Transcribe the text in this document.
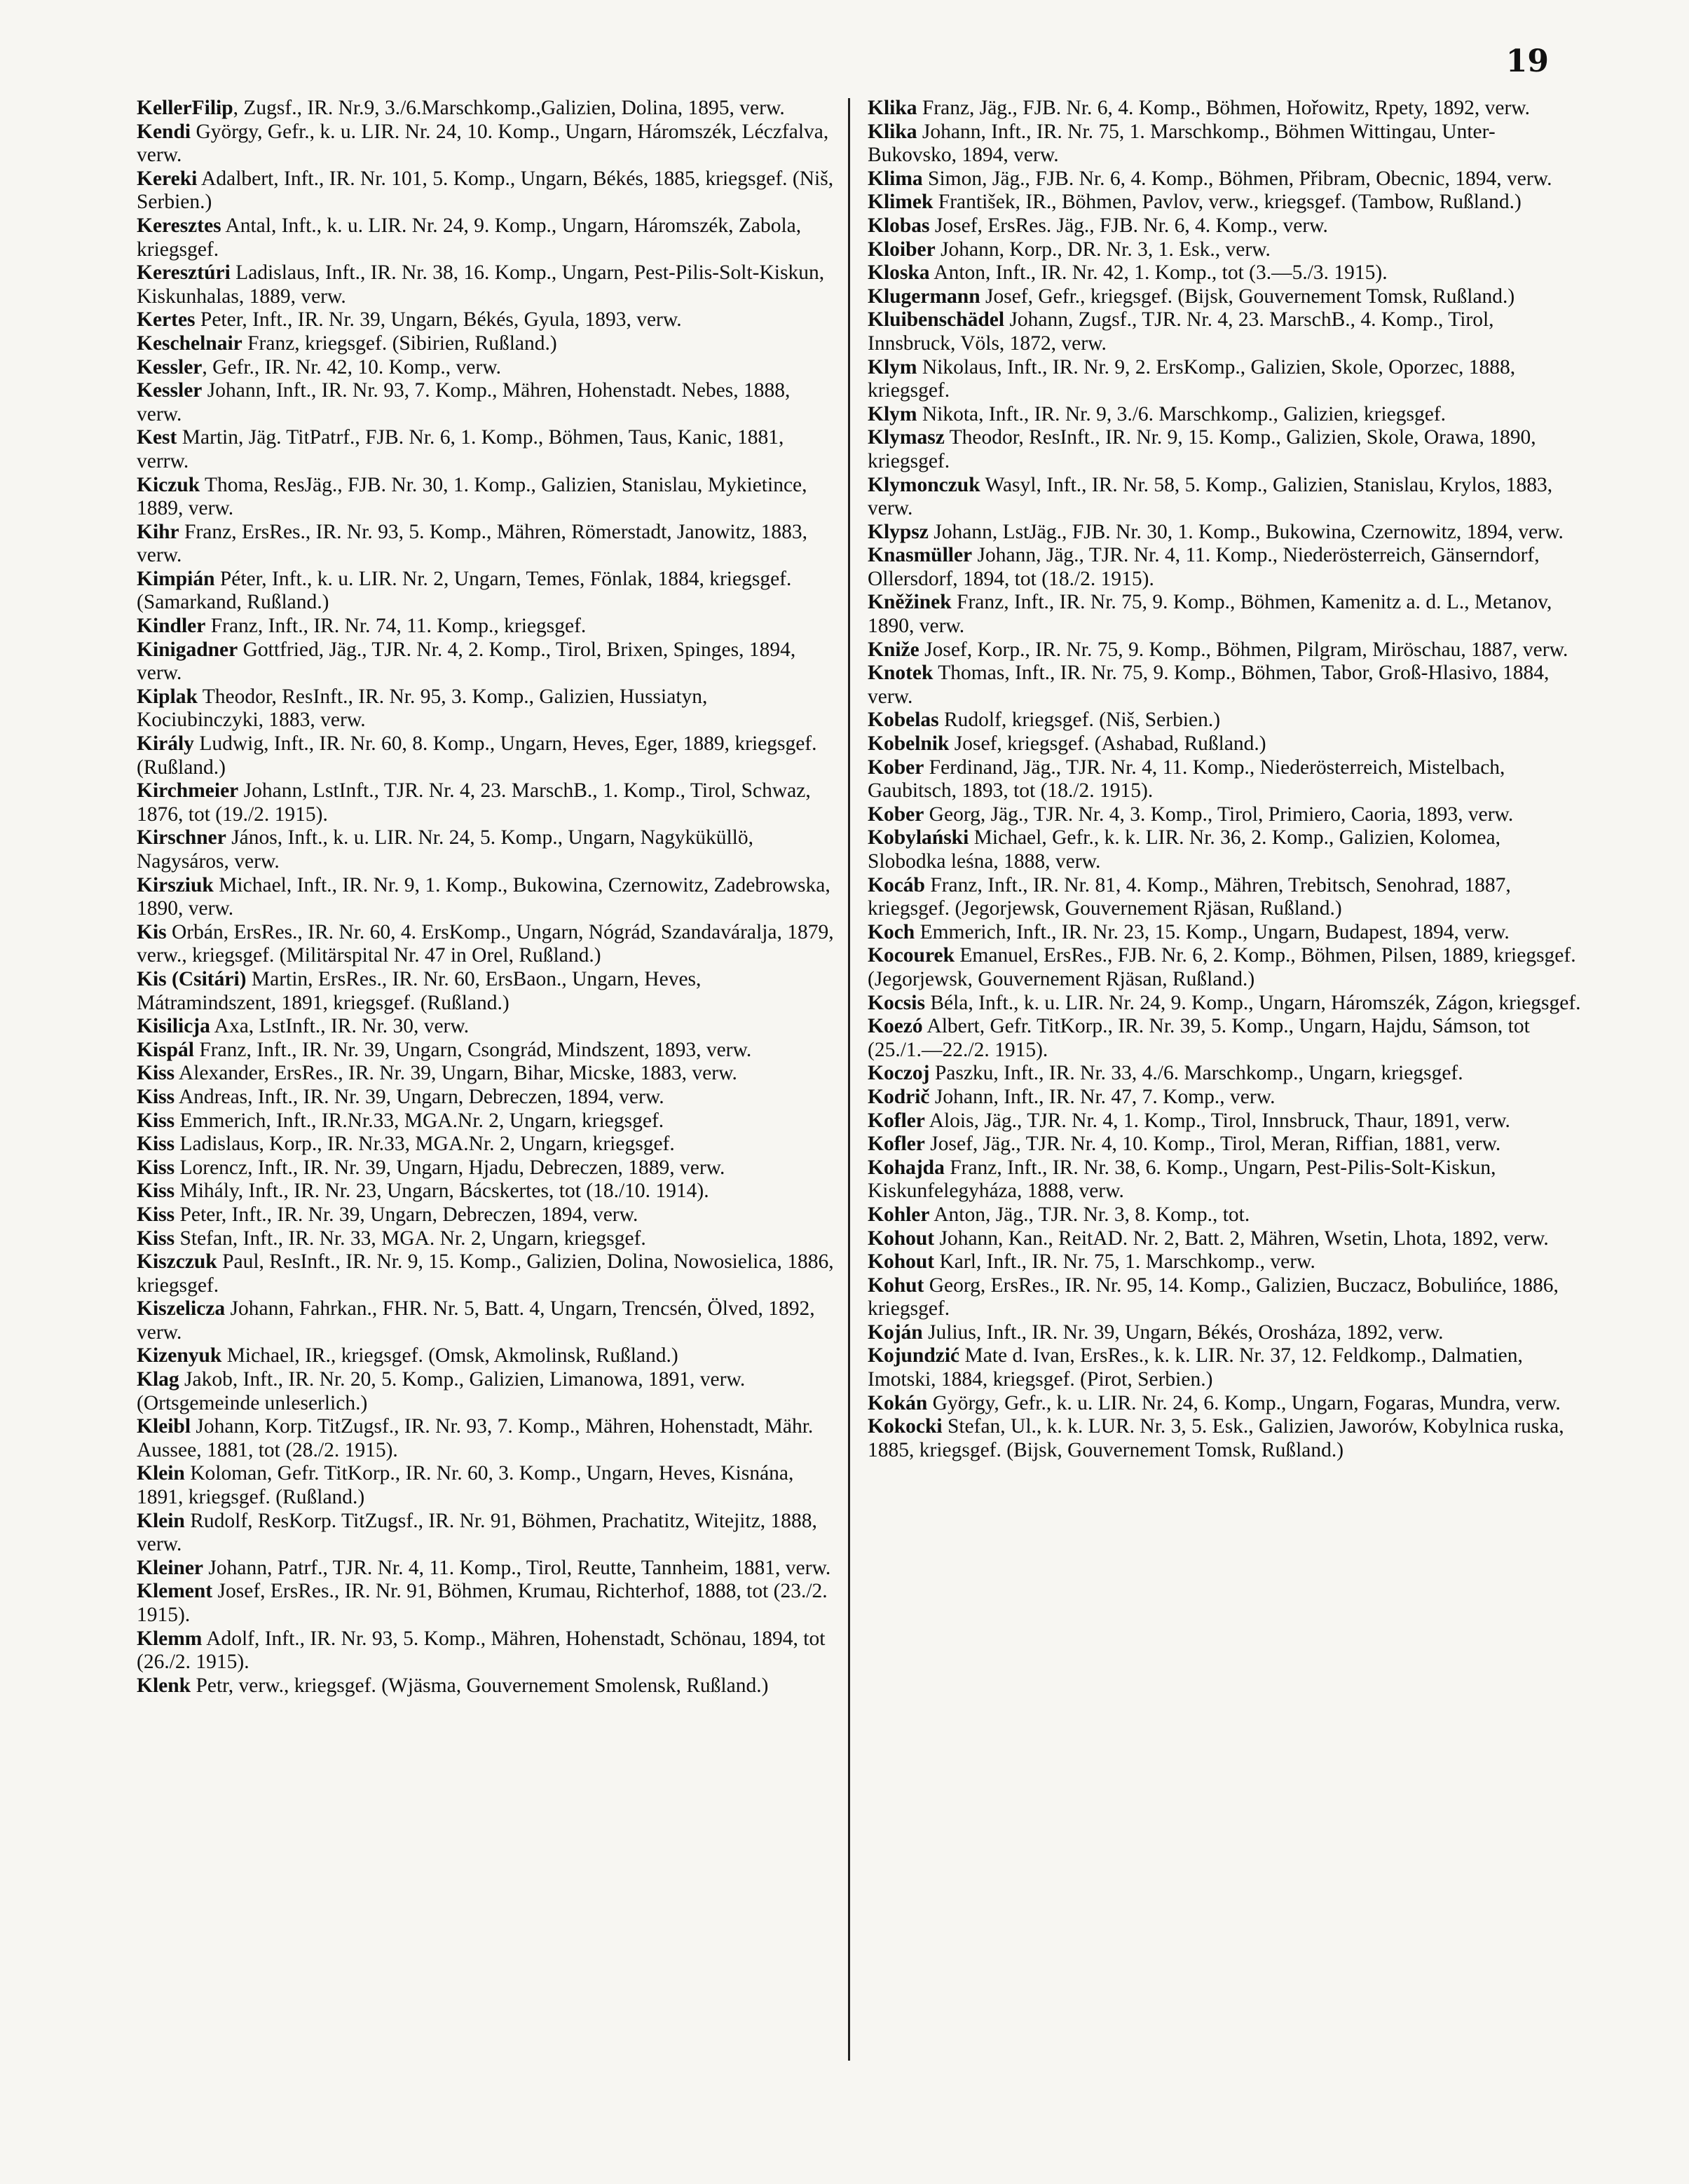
19

KellerFilip, Zugsf., IR. Nr.9, 3./6.Marschkomp.,Galizien, Dolina, 1895, verw.

Kendi György, Gefr., k. u. LIR. Nr. 24, 10. Komp., Ungarn, Háromszék, Léczfalva, verw.

Kereki Adalbert, Inft., IR. Nr. 101, 5. Komp., Ungarn, Békés, 1885, kriegsgef. (Niš, Serbien.)

Keresztes Antal, Inft., k. u. LIR. Nr. 24, 9. Komp., Ungarn, Háromszék, Zabola, kriegsgef.

Keresztúri Ladislaus, Inft., IR. Nr. 38, 16. Komp., Ungarn, Pest-Pilis-Solt-Kiskun, Kiskunhalas, 1889, verw.

Kertes Peter, Inft., IR. Nr. 39, Ungarn, Békés, Gyula, 1893, verw.

Keschelnair Franz, kriegsgef. (Sibirien, Rußland.)

Kessler, Gefr., IR. Nr. 42, 10. Komp., verw.

Kessler Johann, Inft., IR. Nr. 93, 7. Komp., Mähren, Hohenstadt. Nebes, 1888, verw.

Kest Martin, Jäg. TitPatrf., FJB. Nr. 6, 1. Komp., Böhmen, Taus, Kanic, 1881, verrw.

Kiczuk Thoma, ResJäg., FJB. Nr. 30, 1. Komp., Galizien, Stanislau, Mykietince, 1889, verw.

Kihr Franz, ErsRes., IR. Nr. 93, 5. Komp., Mähren, Römerstadt, Janowitz, 1883, verw.

Kimpián Péter, Inft., k. u. LIR. Nr. 2, Ungarn, Temes, Fönlak, 1884, kriegsgef. (Samarkand, Rußland.)

Kindler Franz, Inft., IR. Nr. 74, 11. Komp., kriegsgef.

Kinigadner Gottfried, Jäg., TJR. Nr. 4, 2. Komp., Tirol, Brixen, Spinges, 1894, verw.

Kiplak Theodor, ResInft., IR. Nr. 95, 3. Komp., Galizien, Hussiatyn, Kociubinczyki, 1883, verw.

Király Ludwig, Inft., IR. Nr. 60, 8. Komp., Ungarn, Heves, Eger, 1889, kriegsgef. (Rußland.)

Kirchmeier Johann, LstInft., TJR. Nr. 4, 23. MarschB., 1. Komp., Tirol, Schwaz, 1876, tot (19./2. 1915).

Kirschner János, Inft., k. u. LIR. Nr. 24, 5. Komp., Ungarn, Nagyküküllö, Nagysáros, verw.

Kirsziuk Michael, Inft., IR. Nr. 9, 1. Komp., Bukowina, Czernowitz, Zadebrowska, 1890, verw.

Kis Orbán, ErsRes., IR. Nr. 60, 4. ErsKomp., Ungarn, Nógrád, Szandaváralja, 1879, verw., kriegsgef. (Militärspital Nr. 47 in Orel, Rußland.)

Kis (Csitári) Martin, ErsRes., IR. Nr. 60, ErsBaon., Ungarn, Heves, Mátramindszent, 1891, kriegsgef. (Rußland.)

Kisilicja Axa, LstInft., IR. Nr. 30, verw.

Kispál Franz, Inft., IR. Nr. 39, Ungarn, Csongrád, Mindszent, 1893, verw.

Kiss Alexander, ErsRes., IR. Nr. 39, Ungarn, Bihar, Micske, 1883, verw.

Kiss Andreas, Inft., IR. Nr. 39, Ungarn, Debreczen, 1894, verw.

Kiss Emmerich, Inft., IR.Nr.33, MGA.Nr. 2, Ungarn, kriegsgef.

Kiss Ladislaus, Korp., IR. Nr.33, MGA.Nr. 2, Ungarn, kriegsgef.

Kiss Lorencz, Inft., IR. Nr. 39, Ungarn, Hjadu, Debreczen, 1889, verw.

Kiss Mihály, Inft., IR. Nr. 23, Ungarn, Bácskertes, tot (18./10. 1914).

Kiss Peter, Inft., IR. Nr. 39, Ungarn, Debreczen, 1894, verw.

Kiss Stefan, Inft., IR. Nr. 33, MGA. Nr. 2, Ungarn, kriegsgef.

Kiszczuk Paul, ResInft., IR. Nr. 9, 15. Komp., Galizien, Dolina, Nowosielica, 1886, kriegsgef.

Kiszelicza Johann, Fahrkan., FHR. Nr. 5, Batt. 4, Ungarn, Trencsén, Ölved, 1892, verw.

Kizenyuk Michael, IR., kriegsgef. (Omsk, Akmolinsk, Rußland.)

Klag Jakob, Inft., IR. Nr. 20, 5. Komp., Galizien, Limanowa, 1891, verw. (Ortsgemeinde unleserlich.)

Kleibl Johann, Korp. TitZugsf., IR. Nr. 93, 7. Komp., Mähren, Hohenstadt, Mähr. Aussee, 1881, tot (28./2. 1915).

Klein Koloman, Gefr. TitKorp., IR. Nr. 60, 3. Komp., Ungarn, Heves, Kisnána, 1891, kriegsgef. (Rußland.)

Klein Rudolf, ResKorp. TitZugsf., IR. Nr. 91, Böhmen, Prachatitz, Witejitz, 1888, verw.

Kleiner Johann, Patrf., TJR. Nr. 4, 11. Komp., Tirol, Reutte, Tannheim, 1881, verw.

Klement Josef, ErsRes., IR. Nr. 91, Böhmen, Krumau, Richterhof, 1888, tot (23./2. 1915).

Klemm Adolf, Inft., IR. Nr. 93, 5. Komp., Mähren, Hohenstadt, Schönau, 1894, tot (26./2. 1915).

Klenk Petr, verw., kriegsgef. (Wjäsma, Gouvernement Smolensk, Rußland.)

Klika Franz, Jäg., FJB. Nr. 6, 4. Komp., Böhmen, Hořowitz, Rpety, 1892, verw.

Klika Johann, Inft., IR. Nr. 75, 1. Marschkomp., Böhmen Wittingau, Unter-Bukovsko, 1894, verw.

Klima Simon, Jäg., FJB. Nr. 6, 4. Komp., Böhmen, Přibram, Obecnic, 1894, verw.

Klimek František, IR., Böhmen, Pavlov, verw., kriegsgef. (Tambow, Rußland.)

Klobas Josef, ErsRes. Jäg., FJB. Nr. 6, 4. Komp., verw.

Kloiber Johann, Korp., DR. Nr. 3, 1. Esk., verw.

Kloska Anton, Inft., IR. Nr. 42, 1. Komp., tot (3.—5./3. 1915).

Klugermann Josef, Gefr., kriegsgef. (Bijsk, Gouvernement Tomsk, Rußland.)

Kluibenschädel Johann, Zugsf., TJR. Nr. 4, 23. MarschB., 4. Komp., Tirol, Innsbruck, Völs, 1872, verw.

Klym Nikolaus, Inft., IR. Nr. 9, 2. ErsKomp., Galizien, Skole, Oporzec, 1888, kriegsgef.

Klym Nikota, Inft., IR. Nr. 9, 3./6. Marschkomp., Galizien, kriegsgef.

Klymasz Theodor, ResInft., IR. Nr. 9, 15. Komp., Galizien, Skole, Orawa, 1890, kriegsgef.

Klymonczuk Wasyl, Inft., IR. Nr. 58, 5. Komp., Galizien, Stanislau, Krylos, 1883, verw.

Klypsz Johann, LstJäg., FJB. Nr. 30, 1. Komp., Bukowina, Czernowitz, 1894, verw.

Knasmüller Johann, Jäg., TJR. Nr. 4, 11. Komp., Niederösterreich, Gänserndorf, Ollersdorf, 1894, tot (18./2. 1915).

Kněžinek Franz, Inft., IR. Nr. 75, 9. Komp., Böhmen, Kamenitz a. d. L., Metanov, 1890, verw.

Kniže Josef, Korp., IR. Nr. 75, 9. Komp., Böhmen, Pilgram, Miröschau, 1887, verw.

Knotek Thomas, Inft., IR. Nr. 75, 9. Komp., Böhmen, Tabor, Groß-Hlasivo, 1884, verw.

Kobelas Rudolf, kriegsgef. (Niš, Serbien.)

Kobelnik Josef, kriegsgef. (Ashabad, Rußland.)

Kober Ferdinand, Jäg., TJR. Nr. 4, 11. Komp., Niederösterreich, Mistelbach, Gaubitsch, 1893, tot (18./2. 1915).

Kober Georg, Jäg., TJR. Nr. 4, 3. Komp., Tirol, Primiero, Caoria, 1893, verw.

Kobylański Michael, Gefr., k. k. LIR. Nr. 36, 2. Komp., Galizien, Kolomea, Slobodka leśna, 1888, verw.

Kocáb Franz, Inft., IR. Nr. 81, 4. Komp., Mähren, Trebitsch, Senohrad, 1887, kriegsgef. (Jegorjewsk, Gouvernement Rjäsan, Rußland.)

Koch Emmerich, Inft., IR. Nr. 23, 15. Komp., Ungarn, Budapest, 1894, verw.

Kocourek Emanuel, ErsRes., FJB. Nr. 6, 2. Komp., Böhmen, Pilsen, 1889, kriegsgef. (Jegorjewsk, Gouvernement Rjäsan, Rußland.)

Kocsis Béla, Inft., k. u. LIR. Nr. 24, 9. Komp., Ungarn, Háromszék, Zágon, kriegsgef.

Koezó Albert, Gefr. TitKorp., IR. Nr. 39, 5. Komp., Ungarn, Hajdu, Sámson, tot (25./1.—22./2. 1915).

Koczoj Paszku, Inft., IR. Nr. 33, 4./6. Marschkomp., Ungarn, kriegsgef.

Kodrič Johann, Inft., IR. Nr. 47, 7. Komp., verw.

Kofler Alois, Jäg., TJR. Nr. 4, 1. Komp., Tirol, Innsbruck, Thaur, 1891, verw.

Kofler Josef, Jäg., TJR. Nr. 4, 10. Komp., Tirol, Meran, Riffian, 1881, verw.

Kohajda Franz, Inft., IR. Nr. 38, 6. Komp., Ungarn, Pest-Pilis-Solt-Kiskun, Kiskunfelegyháza, 1888, verw.

Kohler Anton, Jäg., TJR. Nr. 3, 8. Komp., tot.

Kohout Johann, Kan., ReitAD. Nr. 2, Batt. 2, Mähren, Wsetin, Lhota, 1892, verw.

Kohout Karl, Inft., IR. Nr. 75, 1. Marschkomp., verw.

Kohut Georg, ErsRes., IR. Nr. 95, 14. Komp., Galizien, Buczacz, Bobulińce, 1886, kriegsgef.

Koján Julius, Inft., IR. Nr. 39, Ungarn, Békés, Orosháza, 1892, verw.

Kojundzić Mate d. Ivan, ErsRes., k. k. LIR. Nr. 37, 12. Feldkomp., Dalmatien, Imotski, 1884, kriegsgef. (Pirot, Serbien.)

Kokán György, Gefr., k. u. LIR. Nr. 24, 6. Komp., Ungarn, Fogaras, Mundra, verw.

Kokocki Stefan, Ul., k. k. LUR. Nr. 3, 5. Esk., Galizien, Jaworów, Kobylnica ruska, 1885, kriegsgef. (Bijsk, Gouvernement Tomsk, Rußland.)
